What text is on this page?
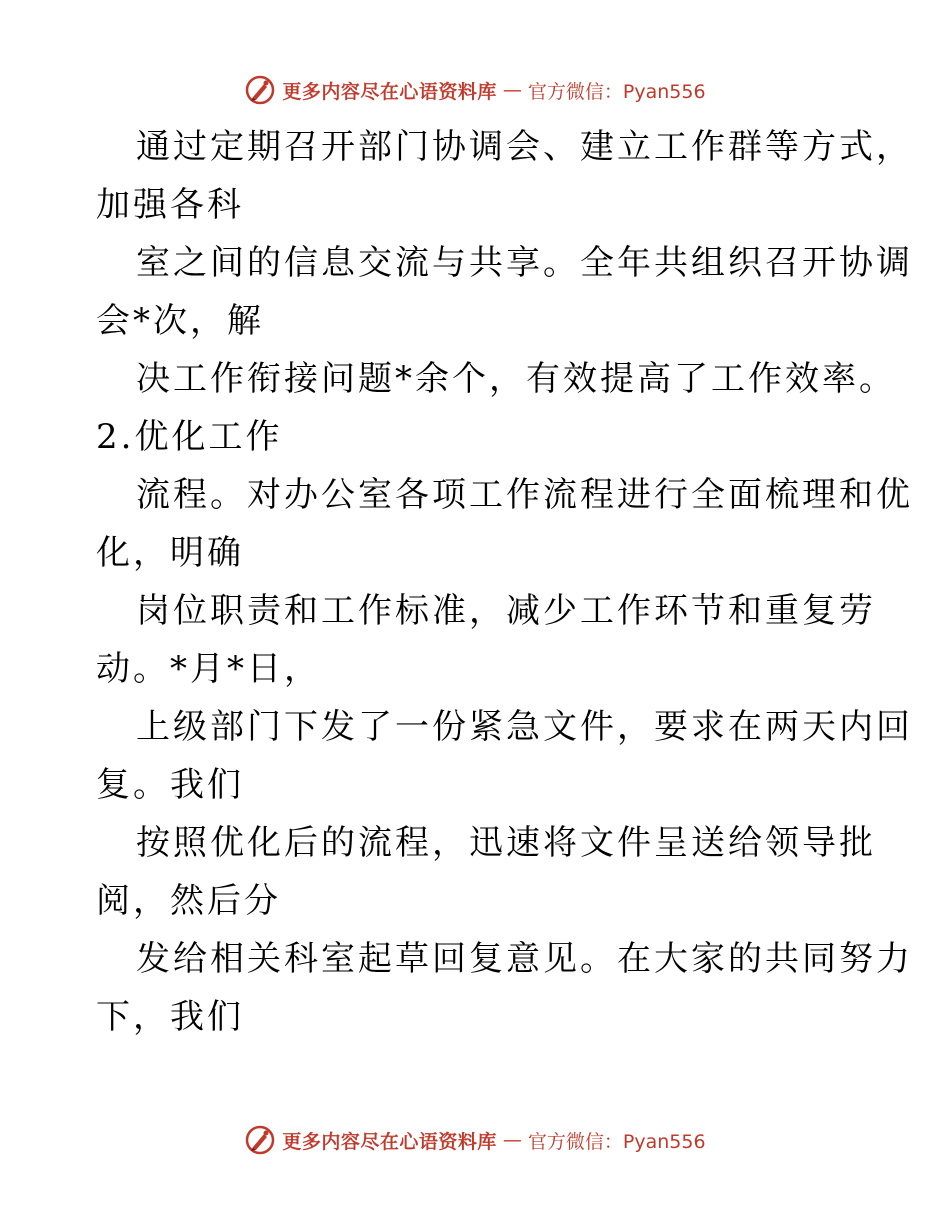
更多内容尽在心语资料库 — 官方微信：Pyan556
通过定期召开部门协调会、建立工作群等方式，
加强各科
室之间的信息交流与共享。全年共组织召开协调
会*次，解
决工作衔接问题*余个，有效提高了工作效率。
2.优化工作
流程。对办公室各项工作流程进行全面梳理和优
化，明确
岗位职责和工作标准，减少工作环节和重复劳
动。*月*日，
上级部门下发了一份紧急文件，要求在两天内回
复。我们
按照优化后的流程，迅速将文件呈送给领导批
阅，然后分
发给相关科室起草回复意见。在大家的共同努力
下，我们
更多内容尽在心语资料库 — 官方微信：Pyan556
